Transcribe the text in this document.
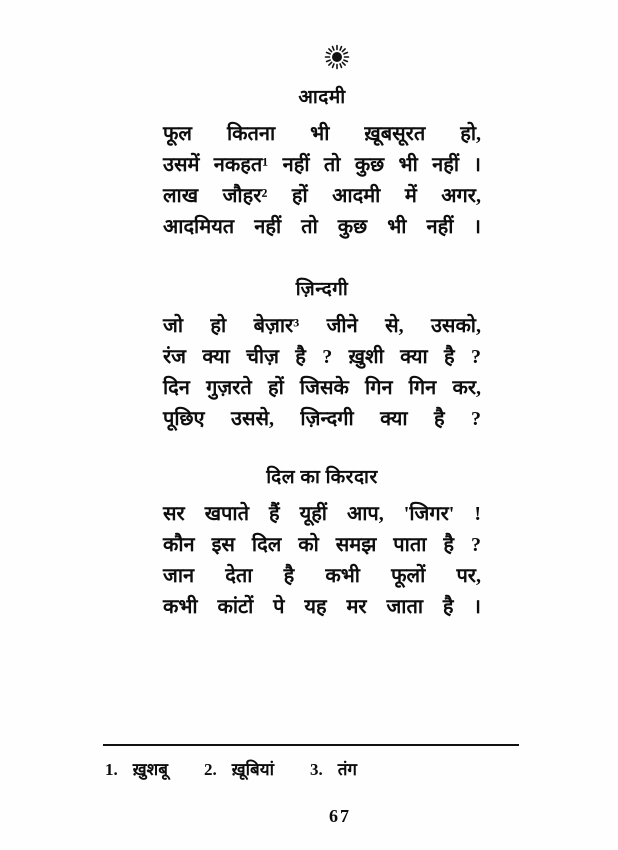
आदमी
फूल कितना भी ख़ूबसूरत हो,
उसमें नकहत¹ नहीं तो कुछ भी नहीं ।
लाख जौहर² हों आदमी में अगर,
आदमियत नहीं तो कुछ भी नहीं ।
ज़िन्दगी
जो हो बेज़ार³ जीने से, उसको,
रंज क्या चीज़ है ? ख़ुशी क्या है ?
दिन गुज़रते हों जिसके गिन गिन कर,
पूछिए उससे, ज़िन्दगी क्या है ?
दिल का किरदार
सर खपाते हैं यूहीं आप, 'जिगर' !
कौन इस दिल को समझ पाता है ?
जान देता है कभी फूलों पर,
कभी कांटों पे यह मर जाता है ।
1. ख़ुशबू 2. ख़ूबियां 3. तंग
67
